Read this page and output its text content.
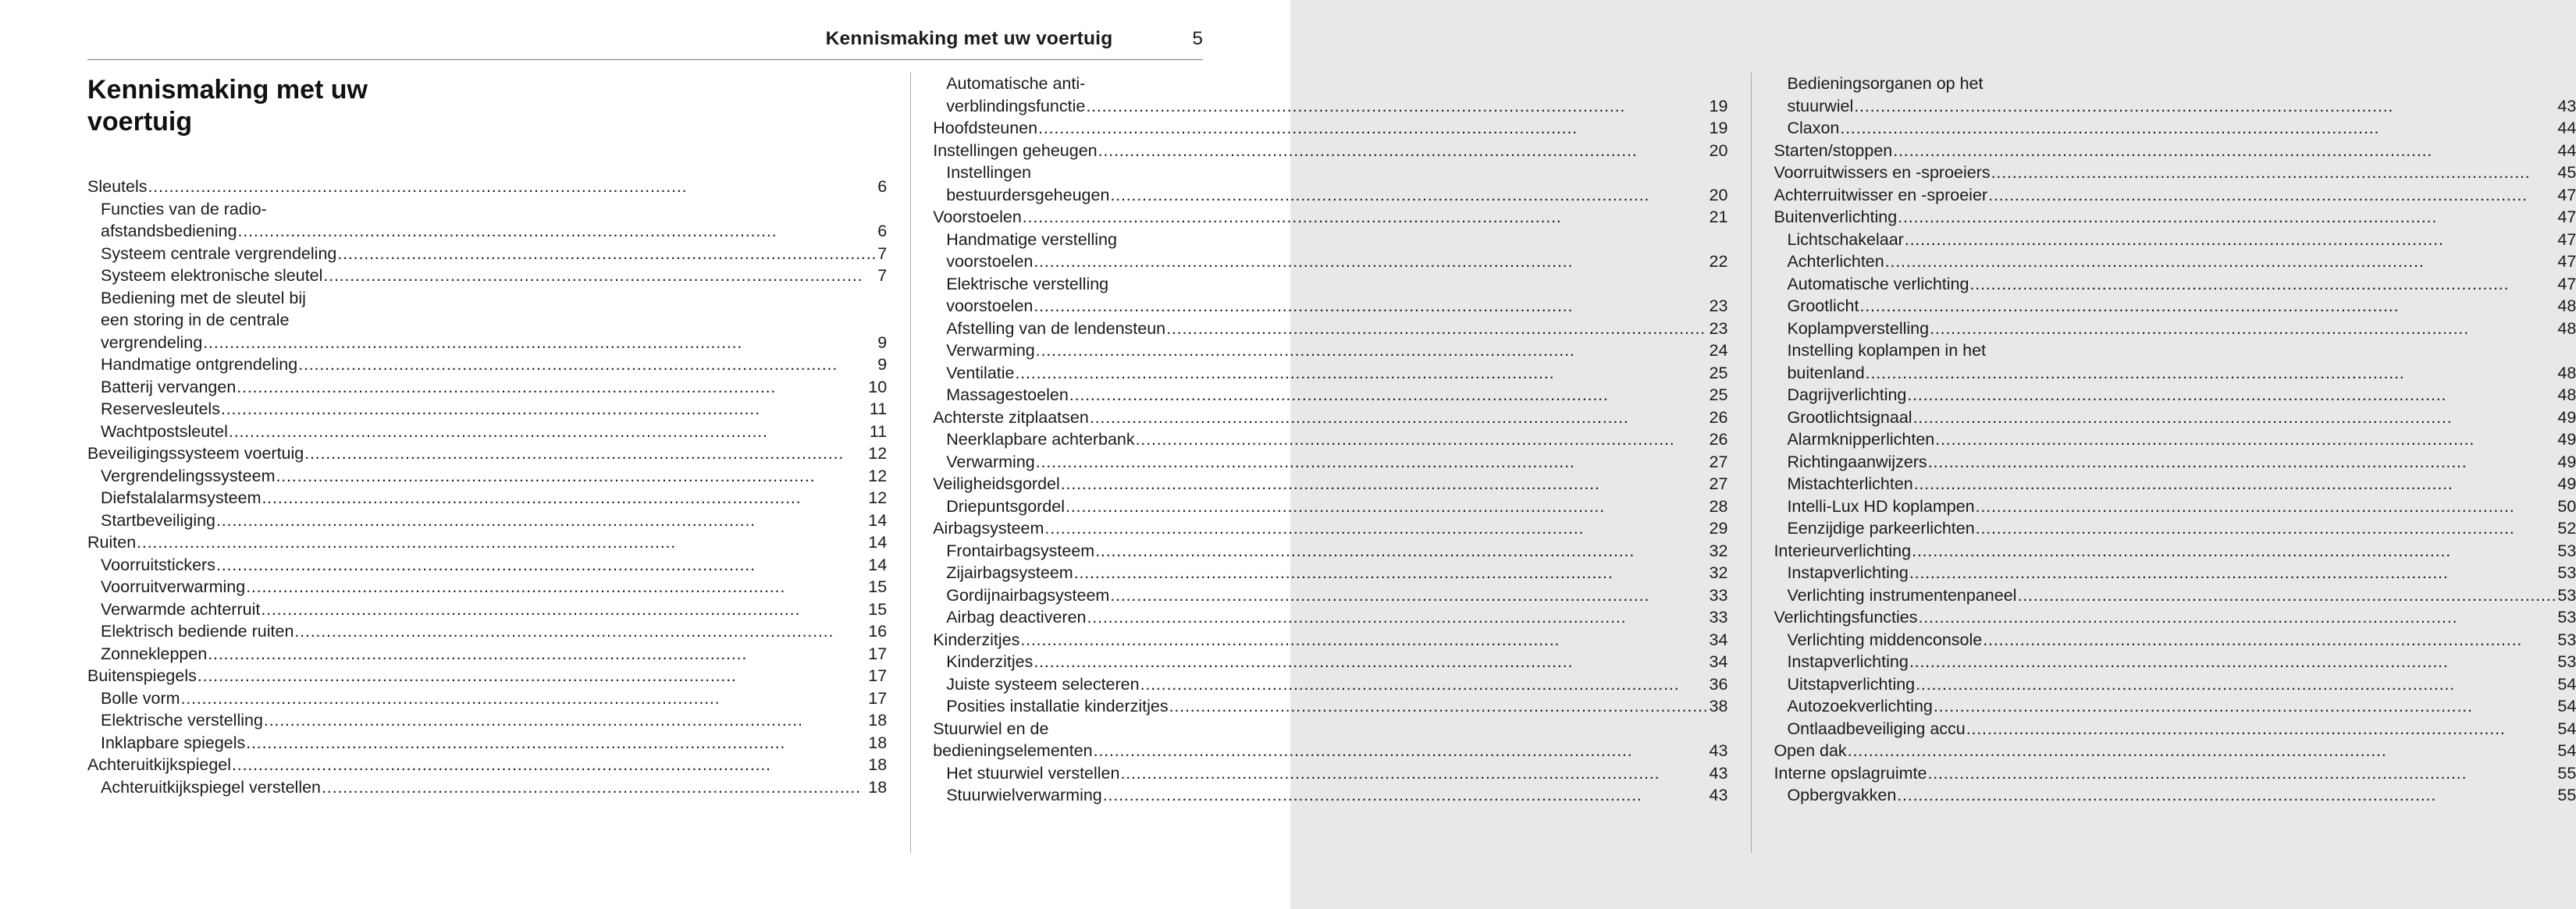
Kennismaking met uw voertuig	5
Kennismaking met uw
voertuig
Sleutels .....	6
Functies van de radio-
afstandsbediening .....	6
Systeem centrale vergrendeling .....	7
Systeem elektronische sleutel .....	7
Bediening met de sleutel bij
een storing in de centrale
vergrendeling .....	9
Handmatige ontgrendeling .....	9
Batterij vervangen .....	10
Reservesleutels .....	11
Wachtpostsleutel .....	11
Beveiligingssysteem voertuig .....	12
Vergrendelingssysteem .....	12
Diefstalalarmsysteem .....	12
Startbeveiliging .....	14
Ruiten .....	14
Voorruitstickers .....	14
Voorruitverwarming .....	15
Verwarmde achterruit .....	15
Elektrisch bediende ruiten .....	16
Zonnekleppen .....	17
Buitenspiegels .....	17
Bolle vorm .....	17
Elektrische verstelling .....	18
Inklapbare spiegels .....	18
Achteruitkijkspiegel .....	18
Achteruitkijkspiegel verstellen .....	18
Automatische anti-
verblindingsfunctie .....	19
Hoofdsteunen .....	19
Instellingen geheugen .....	20
Instellingen
bestuurdersgeheugen .....	20
Voorstoelen .....	21
Handmatige verstelling
voorstoelen .....	22
Elektrische verstelling
voorstoelen .....	23
Afstelling van de lendensteun .....	23
Verwarming .....	24
Ventilatie .....	25
Massagestoelen .....	25
Achterste zitplaatsen .....	26
Neerklapbare achterbank .....	26
Verwarming .....	27
Veiligheidsgordel .....	27
Driepuntsgordel .....	28
Airbagsysteem .....	29
Frontairbagsysteem .....	32
Zijairbagsysteem .....	32
Gordijnairbagsysteem .....	33
Airbag deactiveren .....	33
Kinderzitjes .....	34
Kinderzitjes .....	34
Juiste systeem selecteren .....	36
Posities installatie kinderzitjes .....	38
Stuurwiel en de
bedieningselementen .....	43
Het stuurwiel verstellen .....	43
Stuurwielverwarming .....	43
Bedieningsorganen op het
stuurwiel .....	43
Claxon .....	44
Starten/stoppen .....	44
Voorruitwissers en -sproeiers .....	45
Achterruitwisser en -sproeier .....	47
Buitenverlichting .....	47
Lichtschakelaar .....	47
Achterlichten .....	47
Automatische verlichting .....	47
Grootlicht .....	48
Koplampverstelling .....	48
Instelling koplampen in het
buitenland .....	48
Dagrijverlichting .....	48
Grootlichtsignaal .....	49
Alarmknipperlichten .....	49
Richtingaanwijzers .....	49
Mistachterlichten .....	49
Intelli-Lux HD koplampen .....	50
Eenzijdige parkeerlichten .....	52
Interieurverlichting .....	53
Instapverlichting .....	53
Verlichting instrumentenpaneel .....	53
Verlichtingsfuncties .....	53
Verlichting middenconsole .....	53
Instapverlichting .....	53
Uitstapverlichting .....	54
Autozoekverlichting .....	54
Ontlaadbeveiliging accu .....	54
Open dak .....	54
Interne opslagruimte .....	55
Opbergvakken .....	55
